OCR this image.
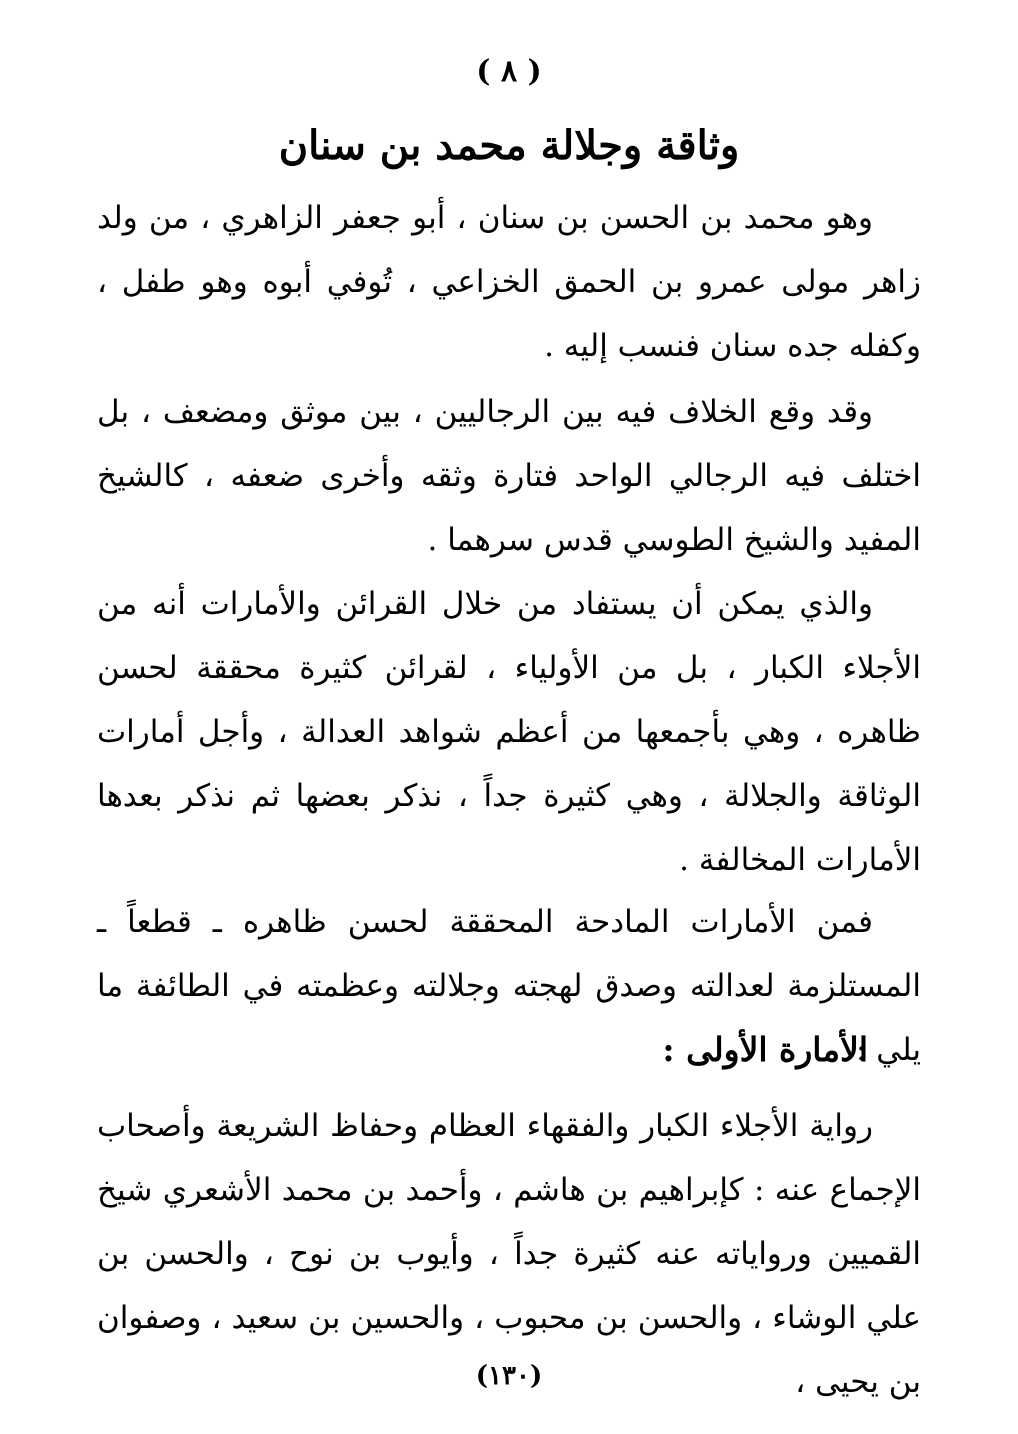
( ٨ )
وثاقة وجلالة محمد بن سنان

وهو محمد بن الحسن بن سنان ، أبو جعفر الزاهري ، من ولد زاهر مولى عمرو بن الحمق الخزاعي ، تُوفي أبوه وهو طفل ، وكفله جده سنان فنسب إليه .

وقد وقع الخلاف فيه بين الرجاليين ، بين موثق ومضعف ، بل اختلف فيه الرجالي الواحد فتارة وثقه وأخرى ضعفه ، كالشيخ المفيد والشيخ الطوسي قدس سرهما .

والذي يمكن أن يستفاد من خلال القرائن والأمارات أنه من الأجلاء الكبار ، بل من الأولياء ، لقرائن كثيرة محققة لحسن ظاهره ، وهي بأجمعها من أعظم شواهد العدالة ، وأجل أمارات الوثاقة والجلالة ، وهي كثيرة جداً ، نذكر بعضها ثم نذكر بعدها الأمارات المخالفة .

فمن الأمارات المادحة المحققة لحسن ظاهره ـ قطعاً ـ المستلزمة لعدالته وصدق لهجته وجلالته وعظمته في الطائفة ما يلي :

الأمارة الأولى :

رواية الأجلاء الكبار والفقهاء العظام وحفاظ الشريعة وأصحاب الإجماع عنه : كإبراهيم بن هاشم ، وأحمد بن محمد الأشعري شيخ القميين ورواياته عنه كثيرة جداً ، وأيوب بن نوح ، والحسن بن علي الوشاء ، والحسن بن محبوب ، والحسين بن سعيد ، وصفوان بن يحيى ،

(١٣٠)
